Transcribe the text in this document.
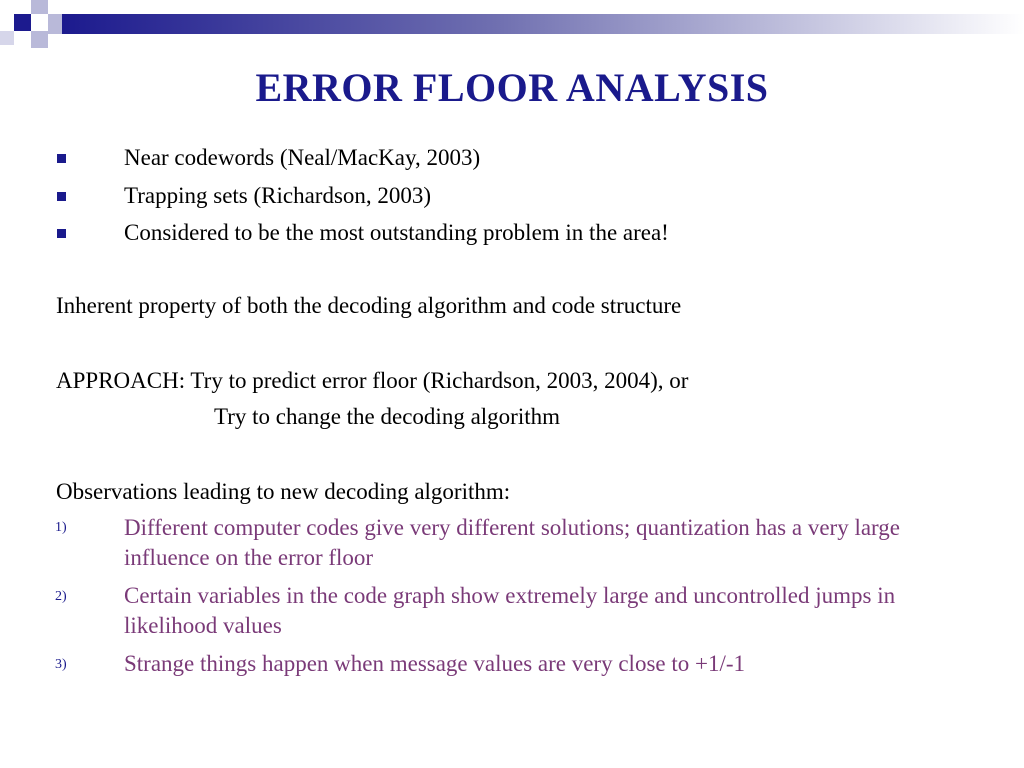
ERROR FLOOR ANALYSIS
Near codewords (Neal/MacKay, 2003)
Trapping sets (Richardson, 2003)
Considered to be the most outstanding problem in the area!
Inherent property of both the decoding algorithm and code structure
APPROACH: Try to predict error floor (Richardson, 2003, 2004), or
Try to change the decoding algorithm
Observations leading to new decoding algorithm:
1) Different computer codes give very different solutions; quantization has a very large influence on the error floor
2) Certain variables in the code graph show extremely large and uncontrolled jumps in likelihood values
3) Strange things happen when message values are very close to +1/-1
